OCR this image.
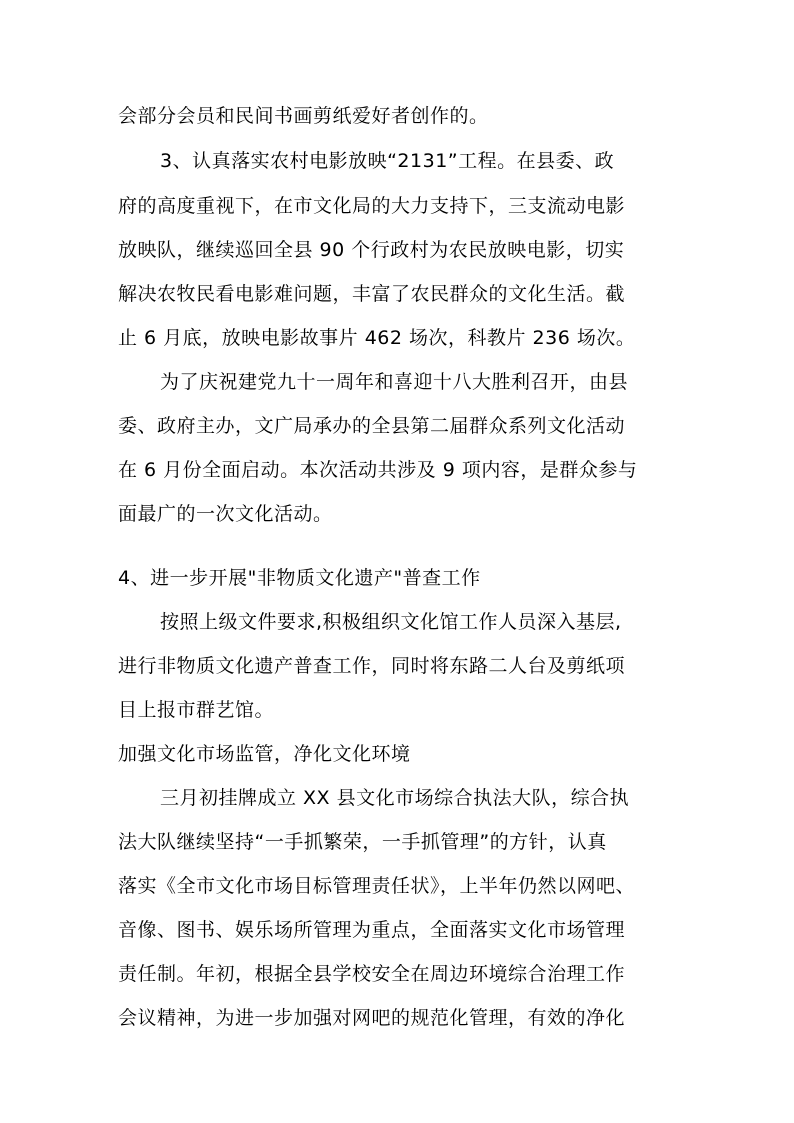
会部分会员和民间书画剪纸爱好者创作的。
3、认真落实农村电影放映“2131”工程。在县委、政
府的高度重视下，在市文化局的大力支持下，三支流动电影
放映队，继续巡回全县 90 个行政村为农民放映电影，切实
解决农牧民看电影难问题，丰富了农民群众的文化生活。截
止 6 月底，放映电影故事片 462 场次，科教片 236 场次。
为了庆祝建党九十一周年和喜迎十八大胜利召开，由县
委、政府主办，文广局承办的全县第二届群众系列文化活动
在 6 月份全面启动。本次活动共涉及 9 项内容，是群众参与
面最广的一次文化活动。
4、进一步开展"非物质文化遗产"普查工作
按照上级文件要求,积极组织文化馆工作人员深入基层,
进行非物质文化遗产普查工作，同时将东路二人台及剪纸项
目上报市群艺馆。
加强文化市场监管，净化文化环境
三月初挂牌成立 XX 县文化市场综合执法大队，综合执
法大队继续坚持“一手抓繁荣，一手抓管理”的方针，认真
落实《全市文化市场目标管理责任状》，上半年仍然以网吧、
音像、图书、娱乐场所管理为重点，全面落实文化市场管理
责任制。年初，根据全县学校安全在周边环境综合治理工作
会议精神，为进一步加强对网吧的规范化管理，有效的净化
